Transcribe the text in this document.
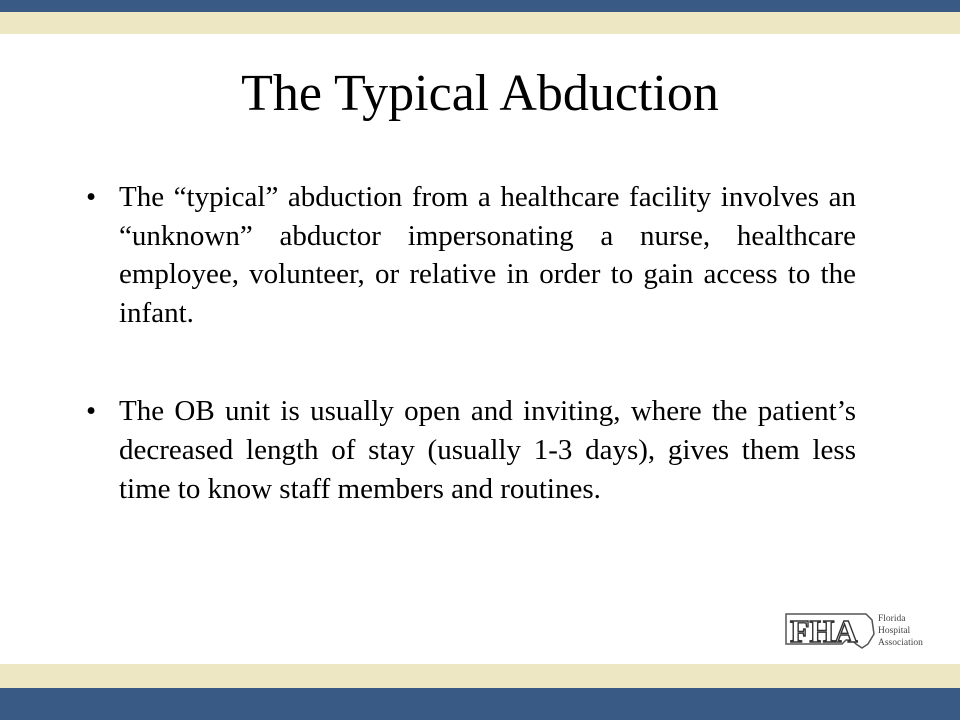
The Typical Abduction
• The “typical” abduction from a healthcare facility involves an “unknown” abductor impersonating a nurse, healthcare employee, volunteer, or relative in order to gain access to the infant.
• The OB unit is usually open and inviting, where the patient’s decreased length of stay (usually 1-3 days), gives them less time to know staff members and routines.
FHA Florida
Hospital
Association
